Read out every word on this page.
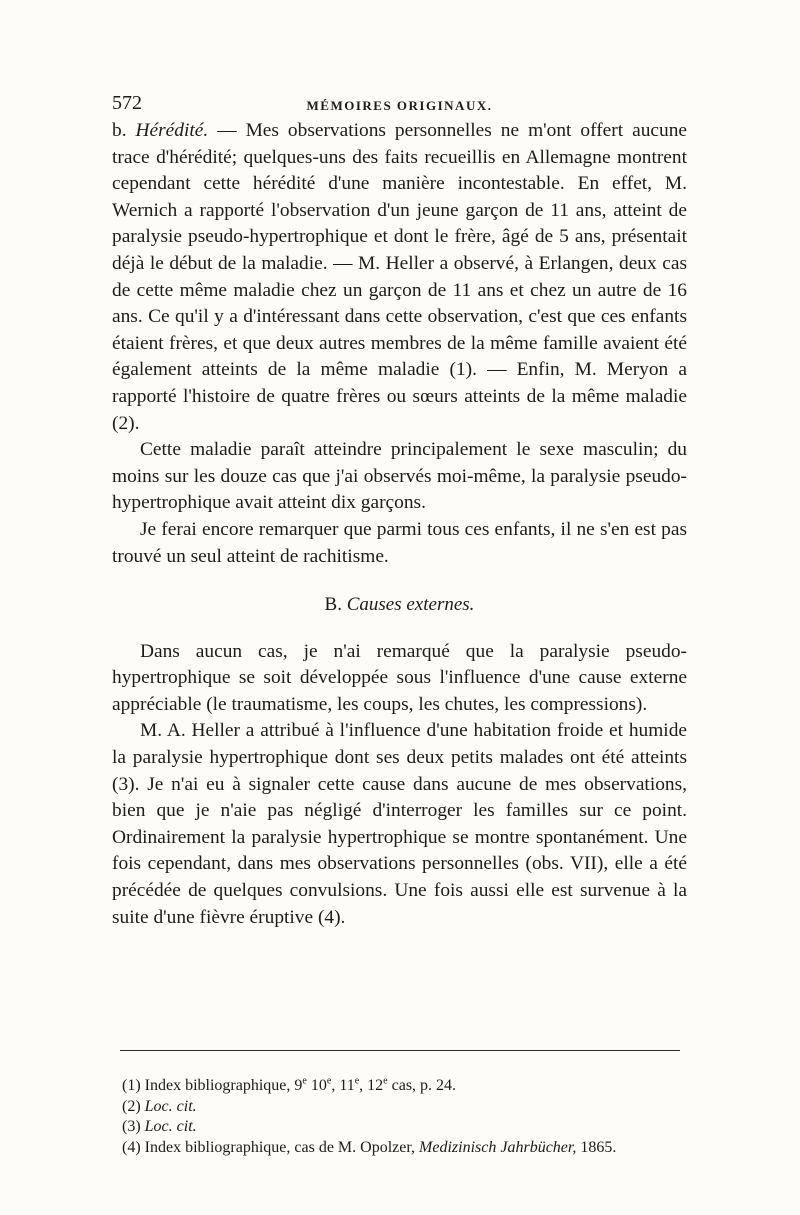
572	MÉMOIRES ORIGINAUX.

b. Hérédité. — Mes observations personnelles ne m'ont offert aucune trace d'hérédité; quelques-uns des faits recueillis en Allemagne montrent cependant cette hérédité d'une manière incontestable. En effet, M. Wernich a rapporté l'observation d'un jeune garçon de 11 ans, atteint de paralysie pseudo-hypertrophique et dont le frère, âgé de 5 ans, présentait déjà le début de la maladie. — M. Heller a observé, à Erlangen, deux cas de cette même maladie chez un garçon de 11 ans et chez un autre de 16 ans. Ce qu'il y a d'intéressant dans cette observation, c'est que ces enfants étaient frères, et que deux autres membres de la même famille avaient été également atteints de la même maladie (1). — Enfin, M. Meryon a rapporté l'histoire de quatre frères ou sœurs atteints de la même maladie (2).

Cette maladie paraît atteindre principalement le sexe masculin; du moins sur les douze cas que j'ai observés moi-même, la paralysie pseudo-hypertrophique avait atteint dix garçons.

Je ferai encore remarquer que parmi tous ces enfants, il ne s'en est pas trouvé un seul atteint de rachitisme.

B. Causes externes.

Dans aucun cas, je n'ai remarqué que la paralysie pseudo-hypertrophique se soit développée sous l'influence d'une cause externe appréciable (le traumatisme, les coups, les chutes, les compressions).

M. A. Heller a attribué à l'influence d'une habitation froide et humide la paralysie hypertrophique dont ses deux petits malades ont été atteints (3). Je n'ai eu à signaler cette cause dans aucune de mes observations, bien que je n'aie pas négligé d'interroger les familles sur ce point. Ordinairement la paralysie hypertrophique se montre spontanément. Une fois cependant, dans mes observations personnelles (obs. VII), elle a été précédée de quelques convulsions. Une fois aussi elle est survenue à la suite d'une fièvre éruptive (4).

(1) Index bibliographique, 9e 10e, 11e, 12e cas, p. 24.
(2) Loc. cit.
(3) Loc. cit.
(4) Index bibliographique, cas de M. Opolzer, Medizinisch Jahrbücher, 1865.
